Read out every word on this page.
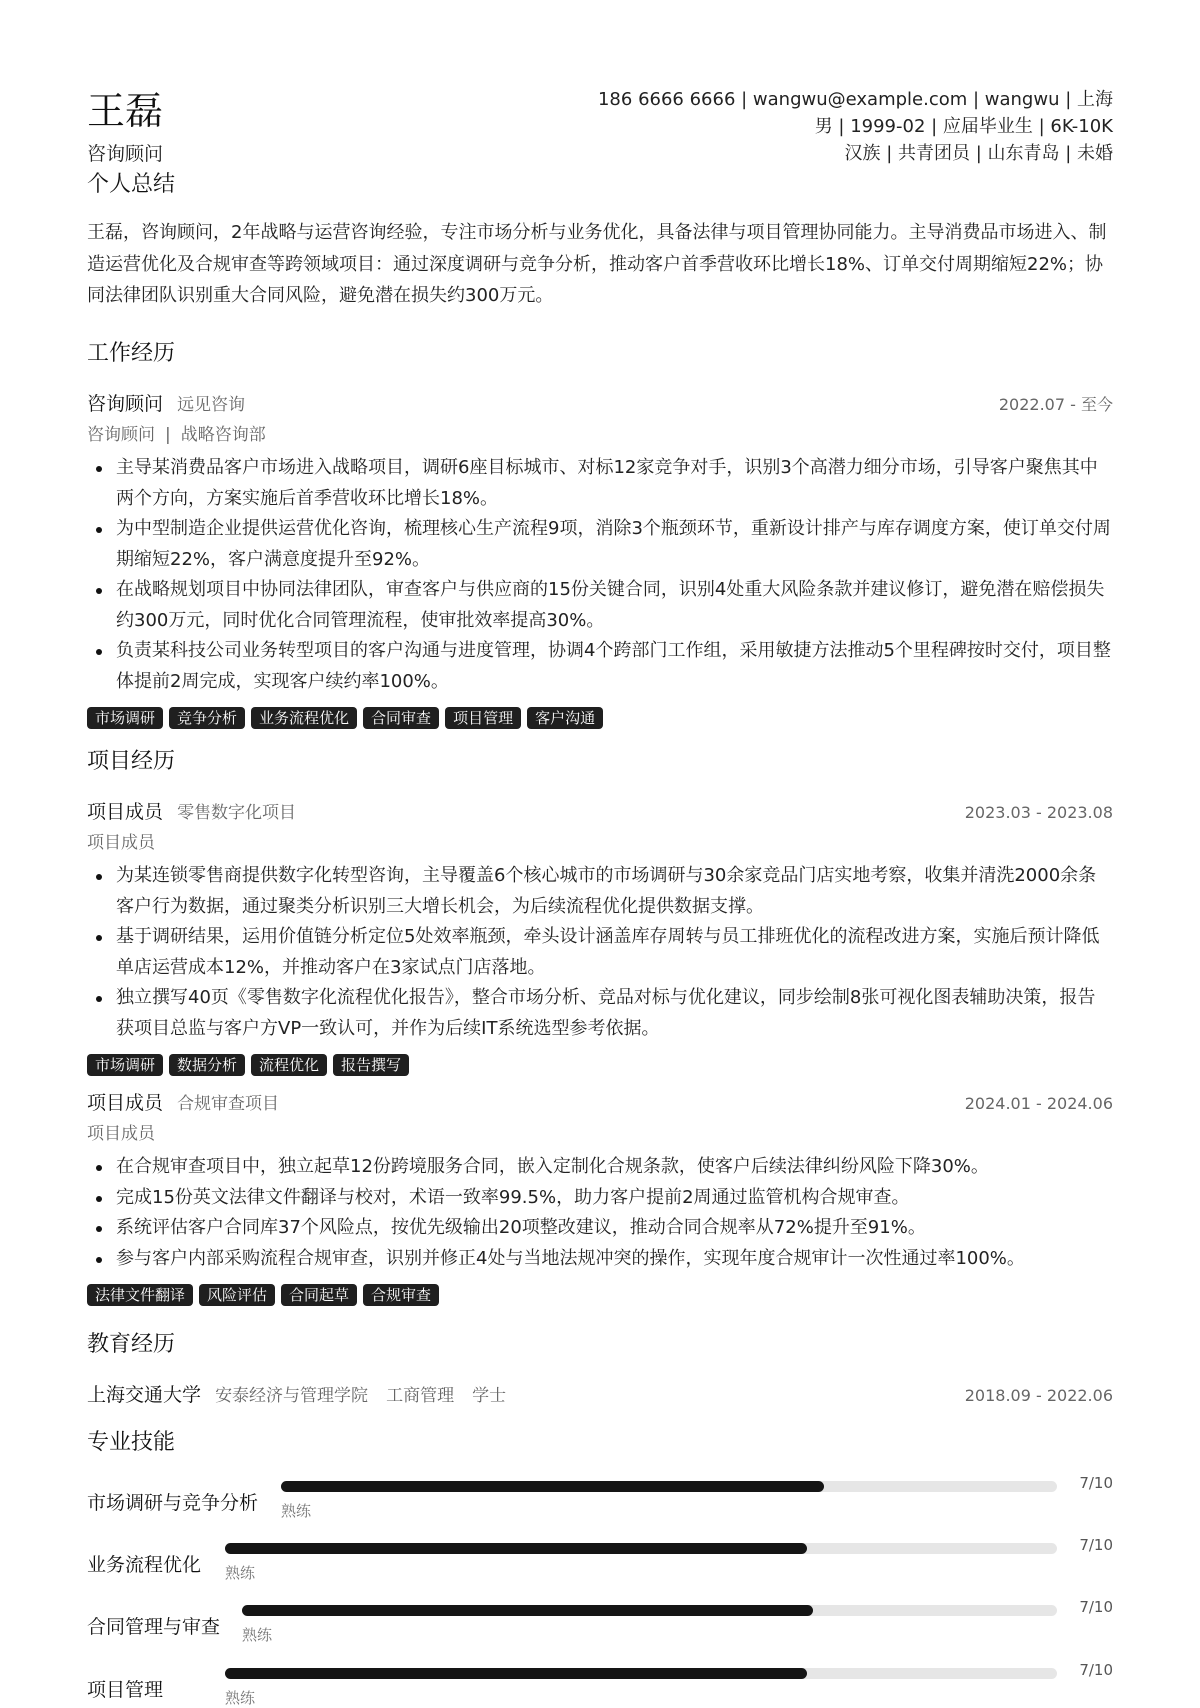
王磊
咨询顾问
186 6666 6666 | wangwu@example.com | wangwu | 上海
男 | 1999-02 | 应届毕业生 | 6K-10K
汉族 | 共青团员 | 山东青岛 | 未婚
个人总结
王磊，咨询顾问，2年战略与运营咨询经验，专注市场分析与业务优化，具备法律与项目管理协同能力。主导消费品市场进入、制造运营优化及合规审查等跨领域项目：通过深度调研与竞争分析，推动客户首季营收环比增长18%、订单交付周期缩短22%；协同法律团队识别重大合同风险，避免潜在损失约300万元。
工作经历
咨询顾问 远见咨询	2022.07 - 至今
咨询顾问 | 战略咨询部
主导某消费品客户市场进入战略项目，调研6座目标城市、对标12家竞争对手，识别3个高潜力细分市场，引导客户聚焦其中两个方向，方案实施后首季营收环比增长18%。
为中型制造企业提供运营优化咨询，梳理核心生产流程9项，消除3个瓶颈环节，重新设计排产与库存调度方案，使订单交付周期缩短22%，客户满意度提升至92%。
在战略规划项目中协同法律团队，审查客户与供应商的15份关键合同，识别4处重大风险条款并建议修订，避免潜在赔偿损失约300万元，同时优化合同管理流程，使审批效率提高30%。
负责某科技公司业务转型项目的客户沟通与进度管理，协调4个跨部门工作组，采用敏捷方法推动5个里程碑按时交付，项目整体提前2周完成，实现客户续约率100%。
市场调研	竞争分析	业务流程优化	合同审查	项目管理	客户沟通
项目经历
项目成员 零售数字化项目	2023.03 - 2023.08
项目成员
为某连锁零售商提供数字化转型咨询，主导覆盖6个核心城市的市场调研与30余家竞品门店实地考察，收集并清洗2000余条客户行为数据，通过聚类分析识别三大增长机会，为后续流程优化提供数据支撑。
基于调研结果，运用价值链分析定位5处效率瓶颈，牵头设计涵盖库存周转与员工排班优化的流程改进方案，实施后预计降低单店运营成本12%，并推动客户在3家试点门店落地。
独立撰写40页《零售数字化流程优化报告》，整合市场分析、竞品对标与优化建议，同步绘制8张可视化图表辅助决策，报告获项目总监与客户方VP一致认可，并作为后续IT系统选型参考依据。
市场调研	数据分析	流程优化	报告撰写
项目成员 合规审查项目	2024.01 - 2024.06
项目成员
在合规审查项目中，独立起草12份跨境服务合同，嵌入定制化合规条款，使客户后续法律纠纷风险下降30%。
完成15份英文法律文件翻译与校对，术语一致率99.5%，助力客户提前2周通过监管机构合规审查。
系统评估客户合同库37个风险点，按优先级输出20项整改建议，推动合同合规率从72%提升至91%。
参与客户内部采购流程合规审查，识别并修正4处与当地法规冲突的操作，实现年度合规审计一次性通过率100%。
法律文件翻译	风险评估	合同起草	合规审查
教育经历
上海交通大学 安泰经济与管理学院 工商管理 学士	2018.09 - 2022.06
专业技能
市场调研与竞争分析
7/10
熟练
业务流程优化
7/10
熟练
合同管理与审查
7/10
熟练
项目管理
7/10
熟练
